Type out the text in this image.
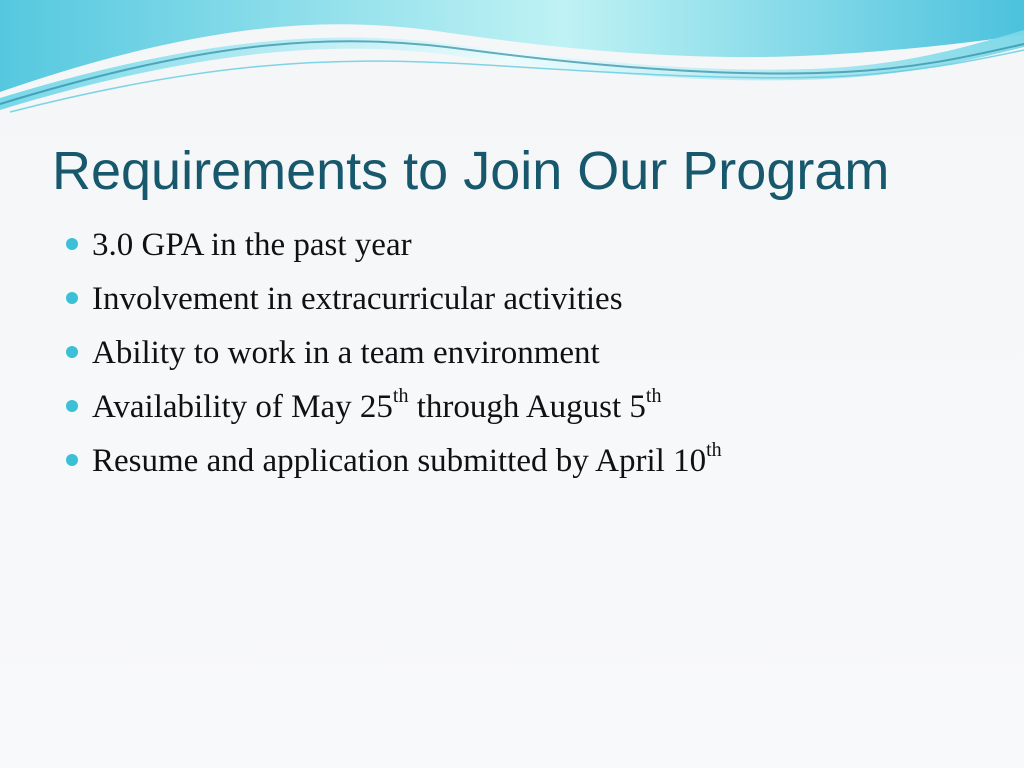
Requirements to Join Our Program
3.0 GPA in the past year
Involvement in extracurricular activities
Ability to work in a team environment
Availability of May 25th through August 5th
Resume and application submitted by April 10th
